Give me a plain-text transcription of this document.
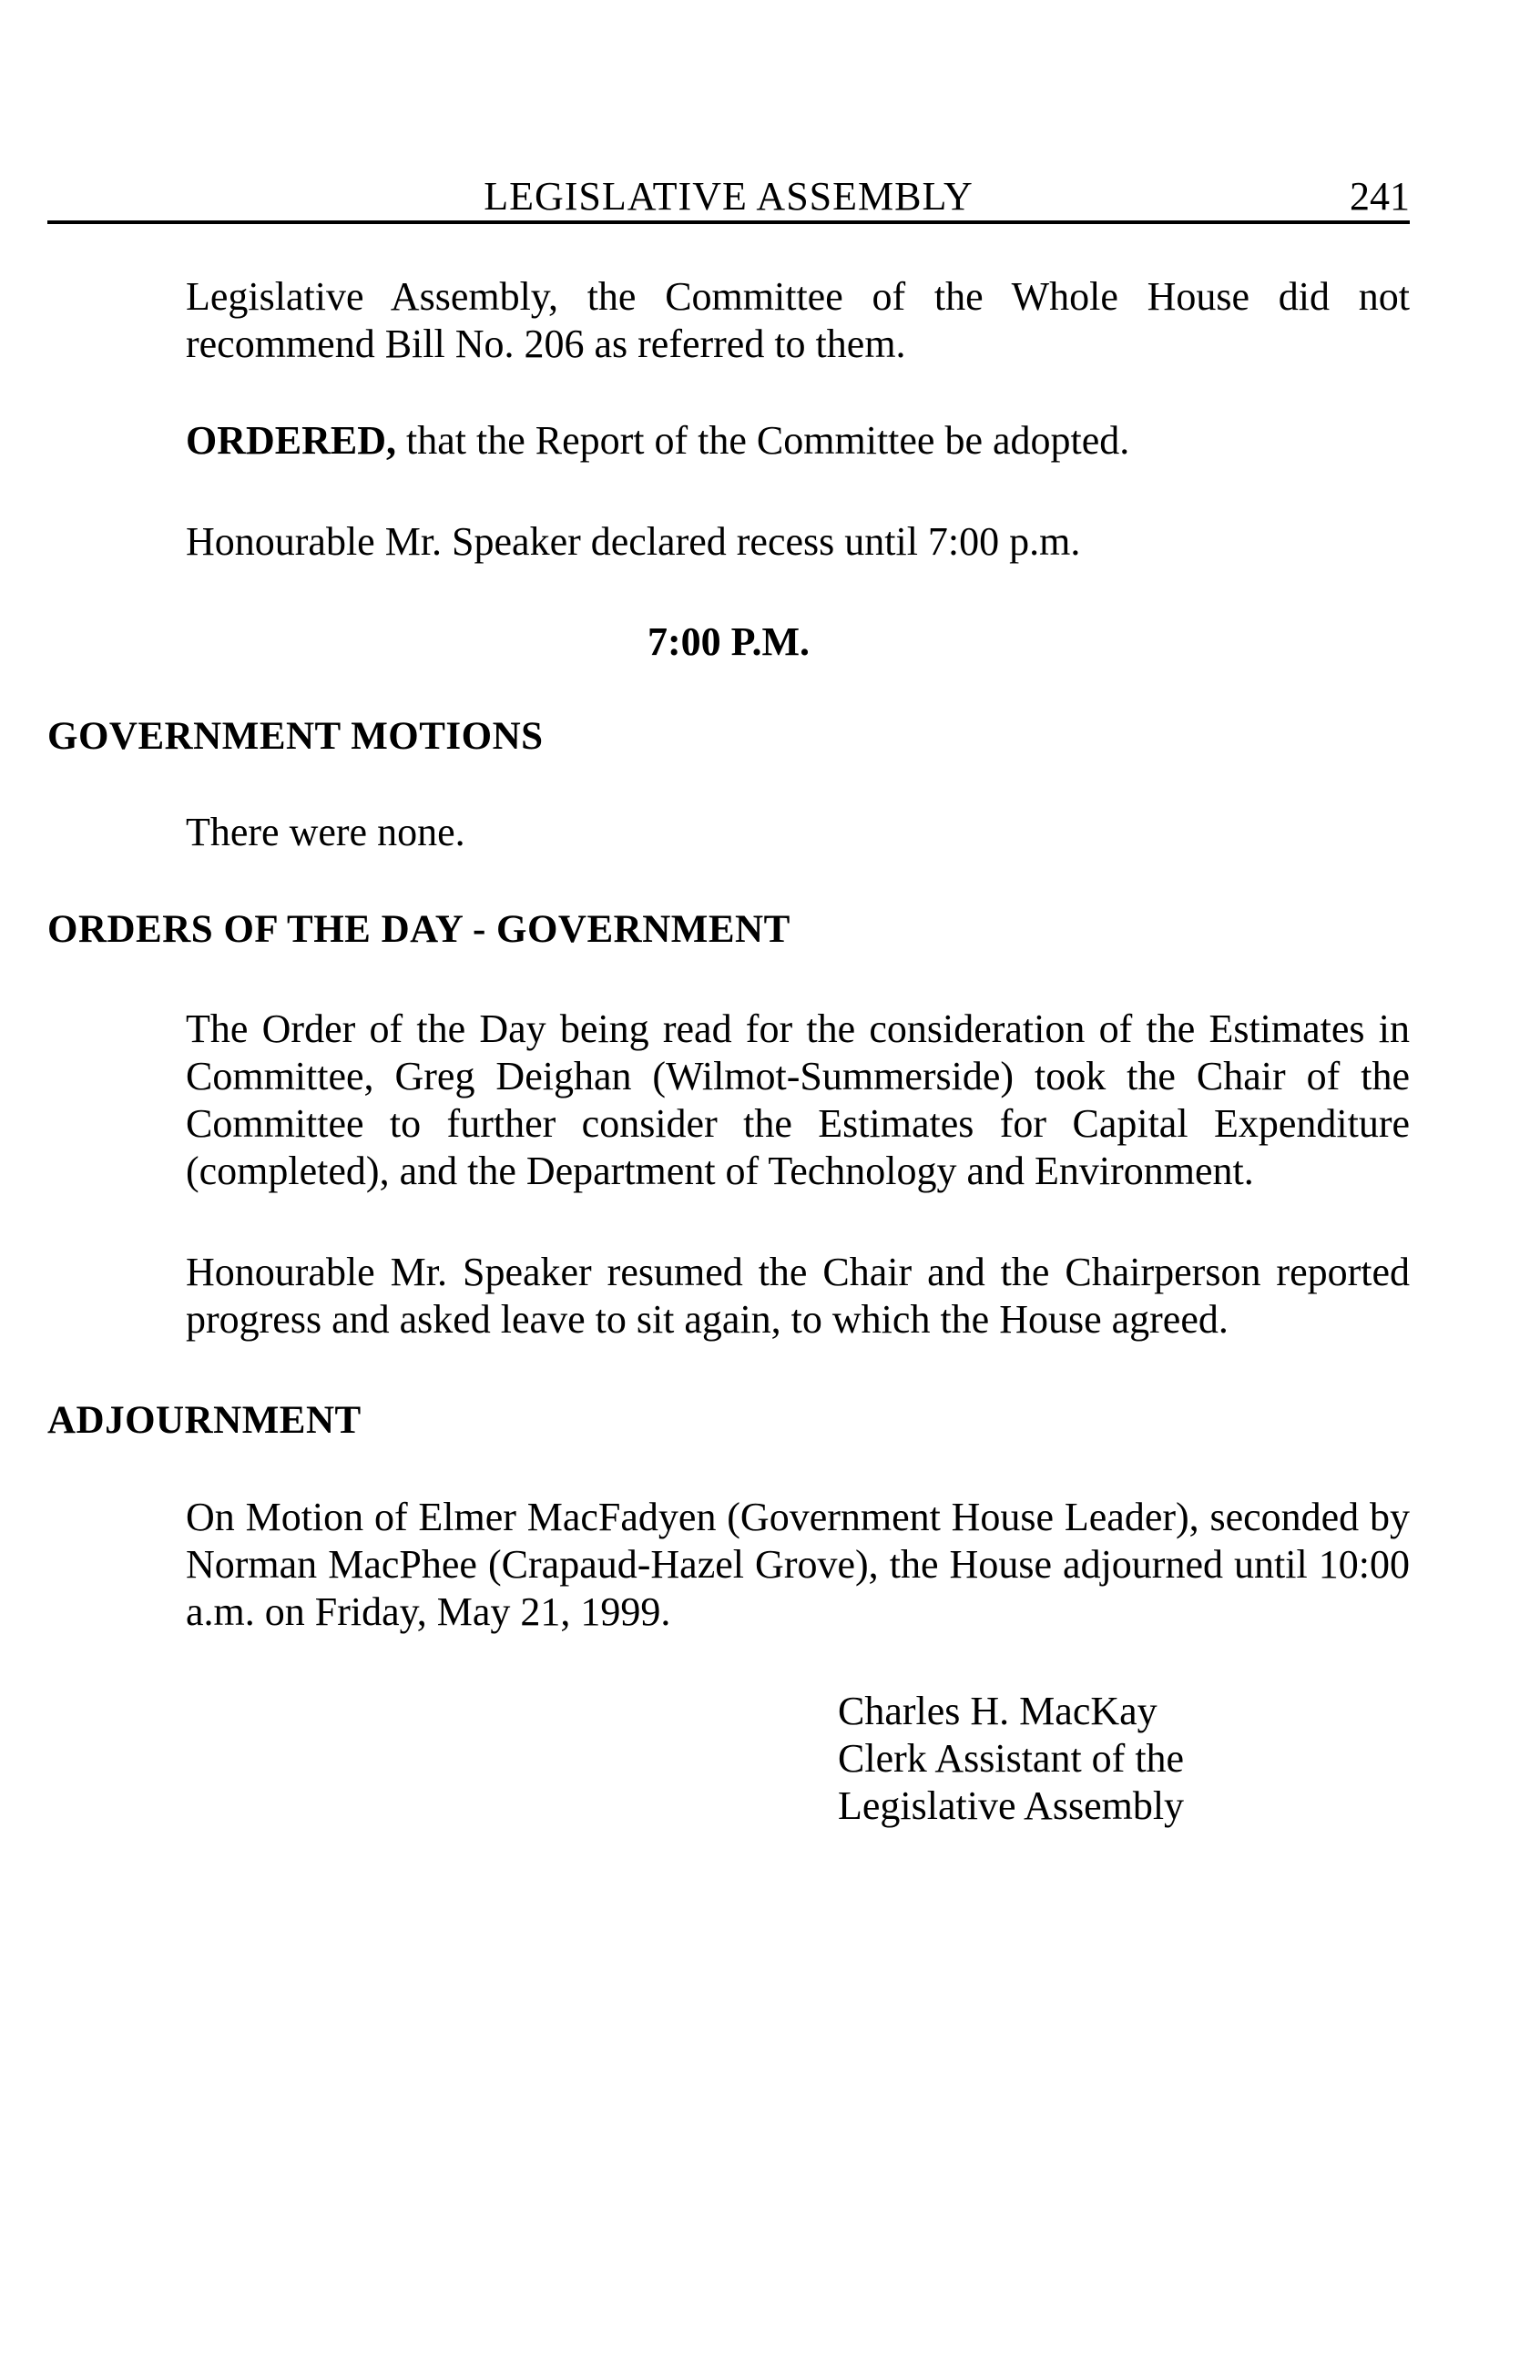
LEGISLATIVE ASSEMBLY	241

Legislative Assembly, the Committee of the Whole House did not recommend Bill No. 206 as referred to them.

ORDERED, that the Report of the Committee be adopted.

Honourable Mr. Speaker declared recess until 7:00 p.m.

7:00 P.M.
GOVERNMENT MOTIONS

There were none.

ORDERS OF THE DAY - GOVERNMENT

The Order of the Day being read for the consideration of the Estimates in Committee, Greg Deighan (Wilmot-Summerside) took the Chair of the Committee to further consider the Estimates for Capital Expenditure (completed), and the Department of Technology and Environment.

Honourable Mr. Speaker resumed the Chair and the Chairperson reported progress and asked leave to sit again, to which the House agreed.

ADJOURNMENT

On Motion of Elmer MacFadyen (Government House Leader), seconded by Norman MacPhee (Crapaud-Hazel Grove), the House adjourned until 10:00 a.m. on Friday, May 21, 1999.

Charles H. MacKay
Clerk Assistant of the
Legislative Assembly
